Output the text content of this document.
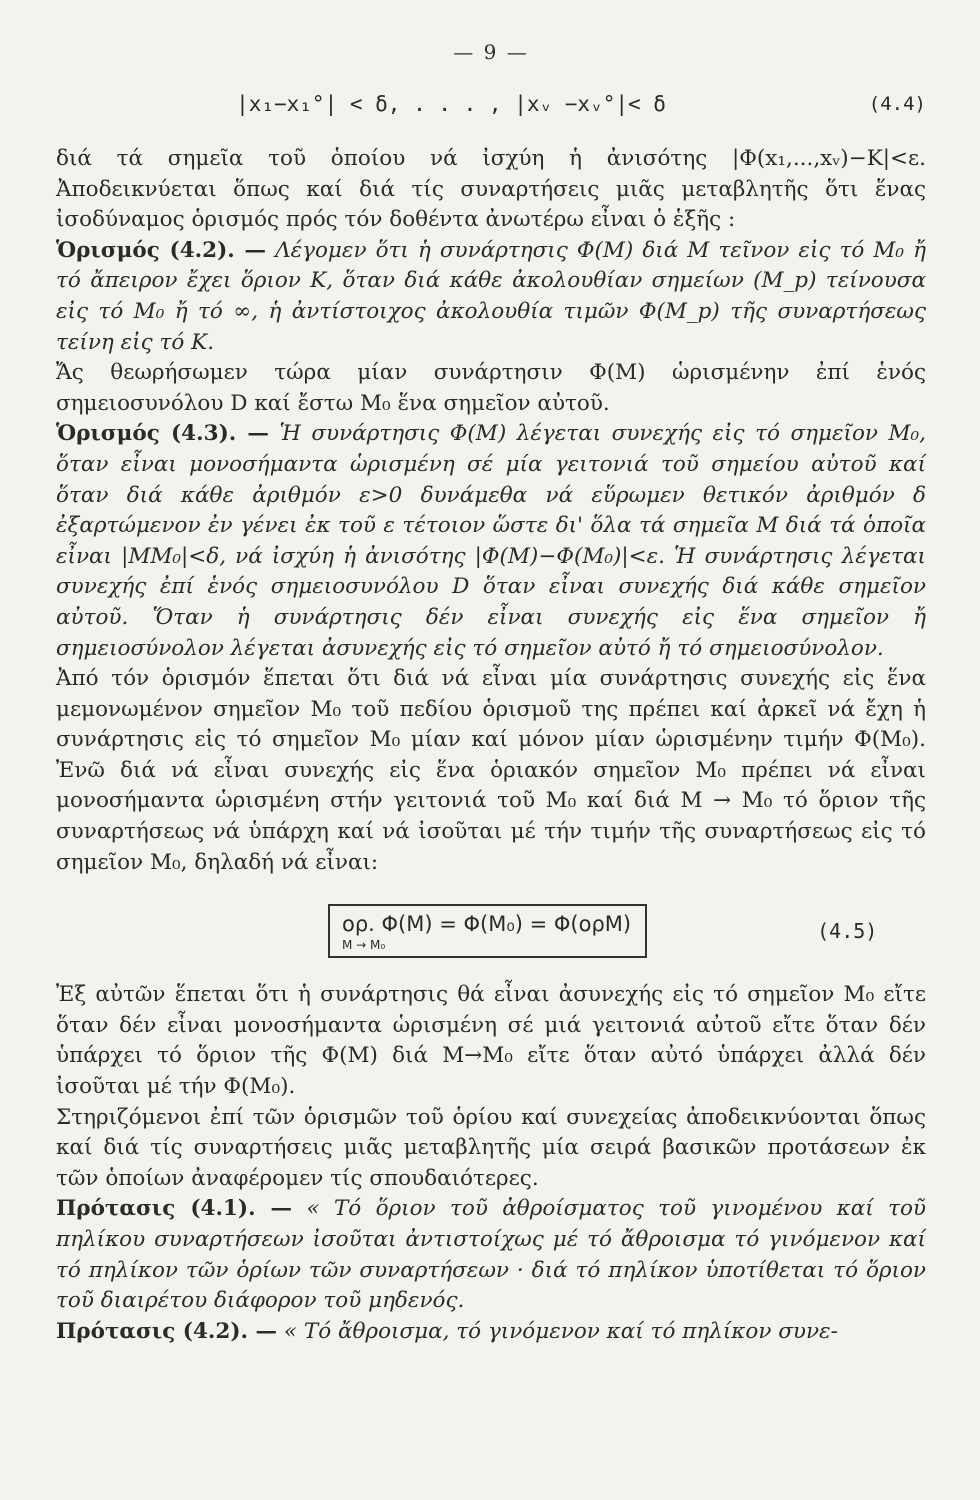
— 9 —
|x₁−x₁°| < δ, . . . , |xᵥ −xᵥ°|< δ	(4.4)

διά τά σημεῖα τοῦ ὁποίου νά ἰσχύη ἡ ἀνισότης |Φ(x₁,...,xᵥ)−K|<ε. Ἀποδεικνύεται ὅπως καί διά τίς συναρτήσεις μιᾶς μεταβλητῆς ὅτι ἕνας ἰσοδύναμος ὁρισμός πρός τόν δοθέντα ἀνωτέρω εἶναι ὁ ἑξῆς :

Ὁρισμός (4.2). — Λέγομεν ὅτι ἡ συνάρτησις Φ(M) διά M τεῖνον εἰς τό M₀ ἤ τό ἄπειρον ἔχει ὅριον K, ὅταν διά κάθε ἀκολουθίαν σημείων (M_p) τείνουσα εἰς τό M₀ ἤ τό ∞, ἡ ἀντίστοιχος ἀκολουθία τιμῶν Φ(M_p) τῆς συναρτήσεως τείνη εἰς τό K.

Ἄς θεωρήσωμεν τώρα μίαν συνάρτησιν Φ(M) ὡρισμένην ἐπί ἑνός σημειοσυνόλου D καί ἔστω M₀ ἕνα σημεῖον αὐτοῦ.

Ὁρισμός (4.3). — Ἡ συνάρτησις Φ(M) λέγεται συνεχής εἰς τό σημεῖον M₀, ὅταν εἶναι μονοσήμαντα ὡρισμένη σέ μία γειτονιά τοῦ σημείου αὐτοῦ καί ὅταν διά κάθε ἀριθμόν ε>0 δυνάμεθα νά εὕρωμεν θετικόν ἀριθμόν δ ἐξαρτώμενον ἐν γένει ἐκ τοῦ ε τέτοιον ὥστε δι' ὅλα τά σημεῖα M διά τά ὁποῖα εἶναι |MM₀|<δ, νά ἰσχύη ἡ ἀνισότης |Φ(M)−Φ(M₀)|<ε. Ἡ συνάρτησις λέγεται συνεχής ἐπί ἑνός σημειοσυνόλου D ὅταν εἶναι συνεχής διά κάθε σημεῖον αὐτοῦ. Ὅταν ἡ συνάρτησις δέν εἶναι συνεχής εἰς ἕνα σημεῖον ἤ σημειοσύνολον λέγεται ἀσυνεχής εἰς τό σημεῖον αὐτό ἤ τό σημειοσύνολον.

Ἀπό τόν ὁρισμόν ἕπεται ὅτι διά νά εἶναι μία συνάρτησις συνεχής εἰς ἕνα μεμονωμένον σημεῖον M₀ τοῦ πεδίου ὁρισμοῦ της πρέπει καί ἀρκεῖ νά ἔχη ἡ συνάρτησις εἰς τό σημεῖον M₀ μίαν καί μόνον μίαν ὡρισμένην τιμήν Φ(M₀). Ἐνῶ διά νά εἶναι συνεχής εἰς ἕνα ὁριακόν σημεῖον M₀ πρέπει νά εἶναι μονοσήμαντα ὡρισμένη στήν γειτονιά τοῦ M₀ καί διά M → M₀ τό ὅριον τῆς συναρτήσεως νά ὑπάρχη καί νά ἰσοῦται μέ τήν τιμήν τῆς συναρτήσεως εἰς τό σημεῖον M₀, δηλαδή νά εἶναι:

ορ. Φ(M) = Φ(M₀) = Φ(ορM)
M → M₀
(4.5)

Ἐξ αὐτῶν ἕπεται ὅτι ἡ συνάρτησις θά εἶναι ἀσυνεχής εἰς τό σημεῖον M₀ εἴτε ὅταν δέν εἶναι μονοσήμαντα ὡρισμένη σέ μιά γειτονιά αὐτοῦ εἴτε ὅταν δέν ὑπάρχει τό ὅριον τῆς Φ(M) διά M→M₀ εἴτε ὅταν αὐτό ὑπάρχει ἀλλά δέν ἰσοῦται μέ τήν Φ(M₀).

Στηριζόμενοι ἐπί τῶν ὁρισμῶν τοῦ ὁρίου καί συνεχείας ἀποδεικνύονται ὅπως καί διά τίς συναρτήσεις μιᾶς μεταβλητῆς μία σειρά βασικῶν προτάσεων ἐκ τῶν ὁποίων ἀναφέρομεν τίς σπουδαιότερες.

Πρότασις (4.1). — « Τό ὅριον τοῦ ἀθροίσματος τοῦ γινομένου καί τοῦ πηλίκου συναρτήσεων ἰσοῦται ἀντιστοίχως μέ τό ἄθροισμα τό γινόμενον καί τό πηλίκον τῶν ὁρίων τῶν συναρτήσεων · διά τό πηλίκον ὑποτίθεται τό ὅριον τοῦ διαιρέτου διάφορον τοῦ μηδενός.

Πρότασις (4.2). — « Τό ἄθροισμα, τό γινόμενον καί τό πηλίκον συνε-
